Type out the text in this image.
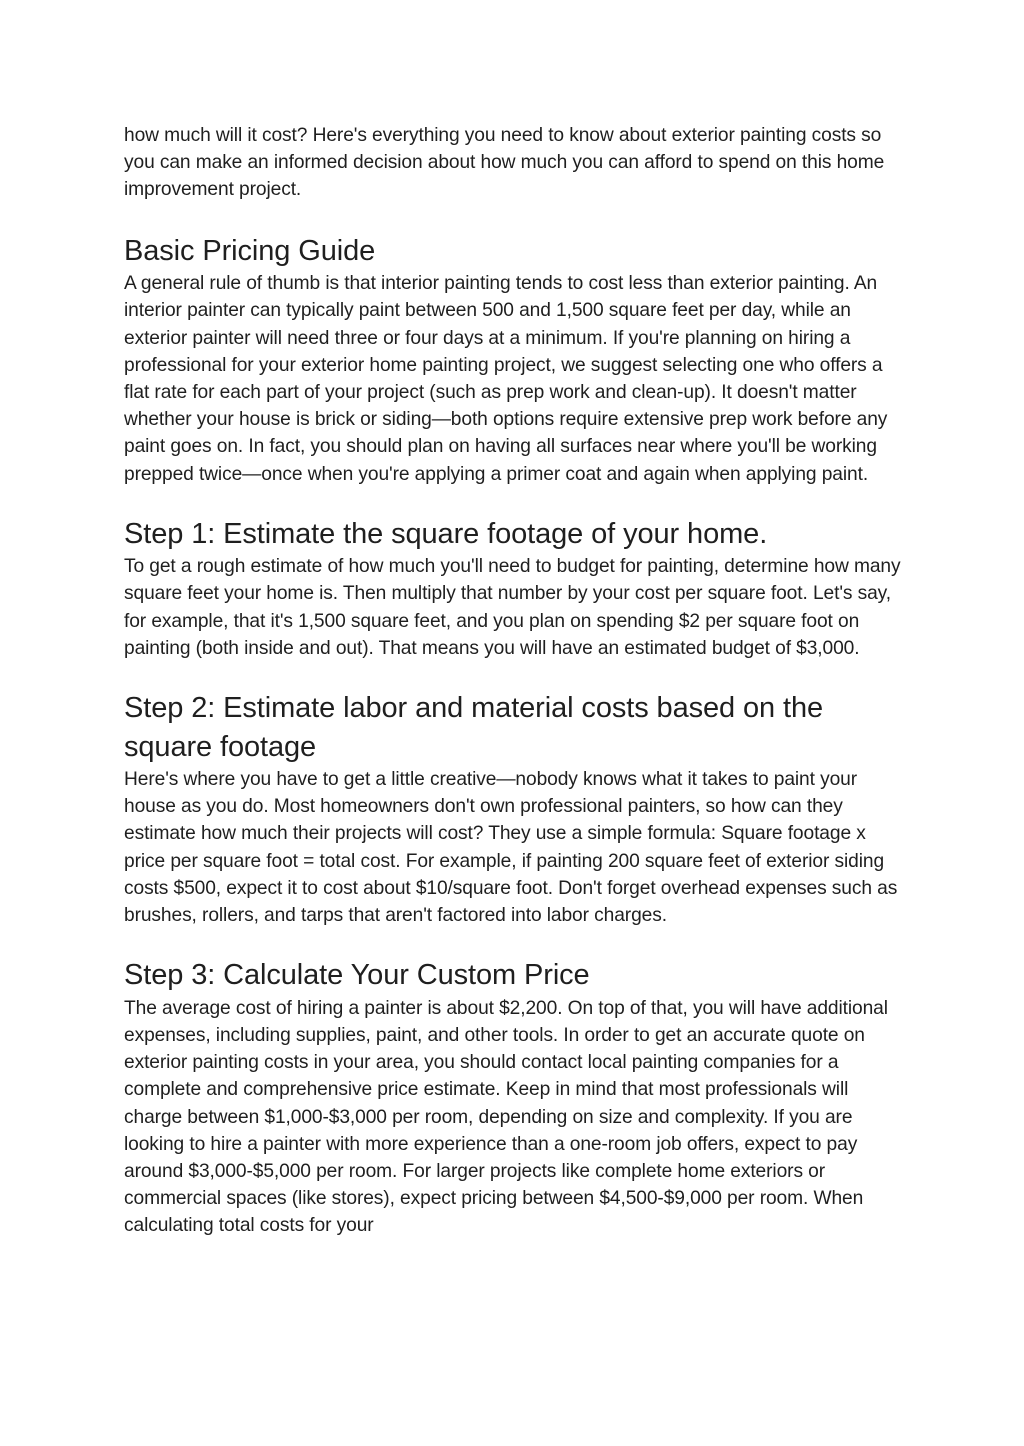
how much will it cost? Here's everything you need to know about exterior painting costs so you can make an informed decision about how much you can afford to spend on this home improvement project.

Basic Pricing Guide

A general rule of thumb is that interior painting tends to cost less than exterior painting. An interior painter can typically paint between 500 and 1,500 square feet per day, while an exterior painter will need three or four days at a minimum. If you're planning on hiring a professional for your exterior home painting project, we suggest selecting one who offers a flat rate for each part of your project (such as prep work and clean-up). It doesn't matter whether your house is brick or siding—both options require extensive prep work before any paint goes on. In fact, you should plan on having all surfaces near where you'll be working prepped twice—once when you're applying a primer coat and again when applying paint.

Step 1: Estimate the square footage of your home.

To get a rough estimate of how much you'll need to budget for painting, determine how many square feet your home is. Then multiply that number by your cost per square foot. Let's say, for example, that it's 1,500 square feet, and you plan on spending $2 per square foot on painting (both inside and out). That means you will have an estimated budget of $3,000.

Step 2: Estimate labor and material costs based on the square footage

Here's where you have to get a little creative—nobody knows what it takes to paint your house as you do. Most homeowners don't own professional painters, so how can they estimate how much their projects will cost? They use a simple formula: Square footage x price per square foot = total cost. For example, if painting 200 square feet of exterior siding costs $500, expect it to cost about $10/square foot. Don't forget overhead expenses such as brushes, rollers, and tarps that aren't factored into labor charges.

Step 3: Calculate Your Custom Price

The average cost of hiring a painter is about $2,200. On top of that, you will have additional expenses, including supplies, paint, and other tools. In order to get an accurate quote on exterior painting costs in your area, you should contact local painting companies for a complete and comprehensive price estimate. Keep in mind that most professionals will charge between $1,000-$3,000 per room, depending on size and complexity. If you are looking to hire a painter with more experience than a one-room job offers, expect to pay around $3,000-$5,000 per room. For larger projects like complete home exteriors or commercial spaces (like stores), expect pricing between $4,500-$9,000 per room. When calculating total costs for your
